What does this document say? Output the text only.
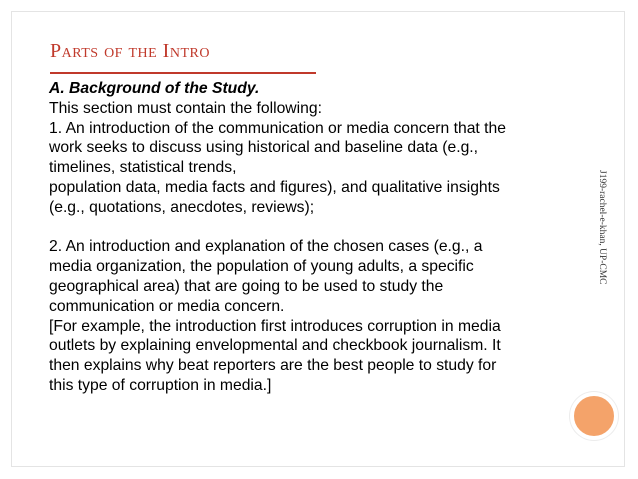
Parts of the Intro

A. Background of the Study.

This section must contain the following:

1. An introduction of the communication or media concern that the

work seeks to discuss using historical and baseline data (e.g.,

timelines, statistical trends,

population data, media facts and figures), and qualitative insights

(e.g., quotations, anecdotes, reviews);

2. An introduction and explanation of the chosen cases (e.g., a

media organization, the population of young adults, a specific

geographical area) that are going to be used to study the

communication or media concern.

[For example, the introduction first introduces corruption in media

outlets by explaining envelopmental and checkbook journalism. It

then explains why beat reporters are the best people to study for

this type of corruption in media.]

J199-rachel-e-khan, UP-CMC
